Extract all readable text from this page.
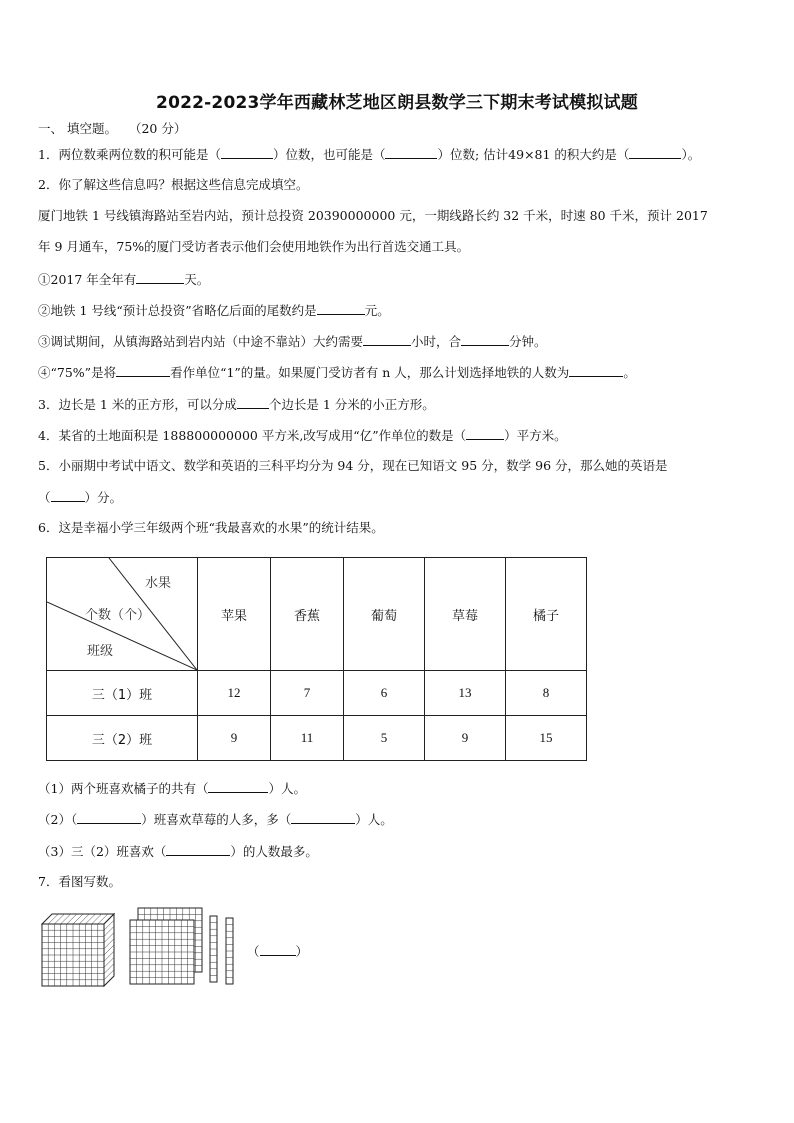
2022-2023学年西藏林芝地区朗县数学三下期末考试模拟试题
一、 填空题。 （20 分）
1．两位数乘两位数的积可能是（	）位数，也可能是（	）位数; 估计49×81 的积大约是（	）。
2．你了解这些信息吗？根据这些信息完成填空。
厦门地铁 1 号线镇海路站至岩内站，预计总投资 20390000000 元，一期线路长约 32 千米，时速 80 千米，预计 2017
年 9 月通车，75%的厦门受访者表示他们会使用地铁作为出行首选交通工具。
①2017 年全年有	天。
②地铁 1 号线“预计总投资”省略亿后面的尾数约是	元。
③调试期间，从镇海路站到岩内站（中途不靠站）大约需要	小时，合	分钟。
④“75%”是将	看作单位“1”的量。如果厦门受访者有 n 人，那么计划选择地铁的人数为	。
3．边长是 1 米的正方形，可以分成	个边长是 1 分米的小正方形。
4．某省的土地面积是 188800000000 平方米,改写成用“亿”作单位的数是（	）平方米。
5．小丽期中考试中语文、数学和英语的三科平均分为 94 分，现在已知语文 95 分，数学 96 分，那么她的英语是
（	）分。
6．这是幸福小学三年级两个班“我最喜欢的水果”的统计结果。
水果
个数（个）
班级	苹果	香蕉	葡萄	草莓	橘子
三（1）班	12	7	6	13	8
三（2）班	9	11	5	9	15
（1）两个班喜欢橘子的共有（	）人。
（2）（	）班喜欢草莓的人多，多（	）人。
（3）三（2）班喜欢（	）的人数最多。
7．看图写数。
（	）
